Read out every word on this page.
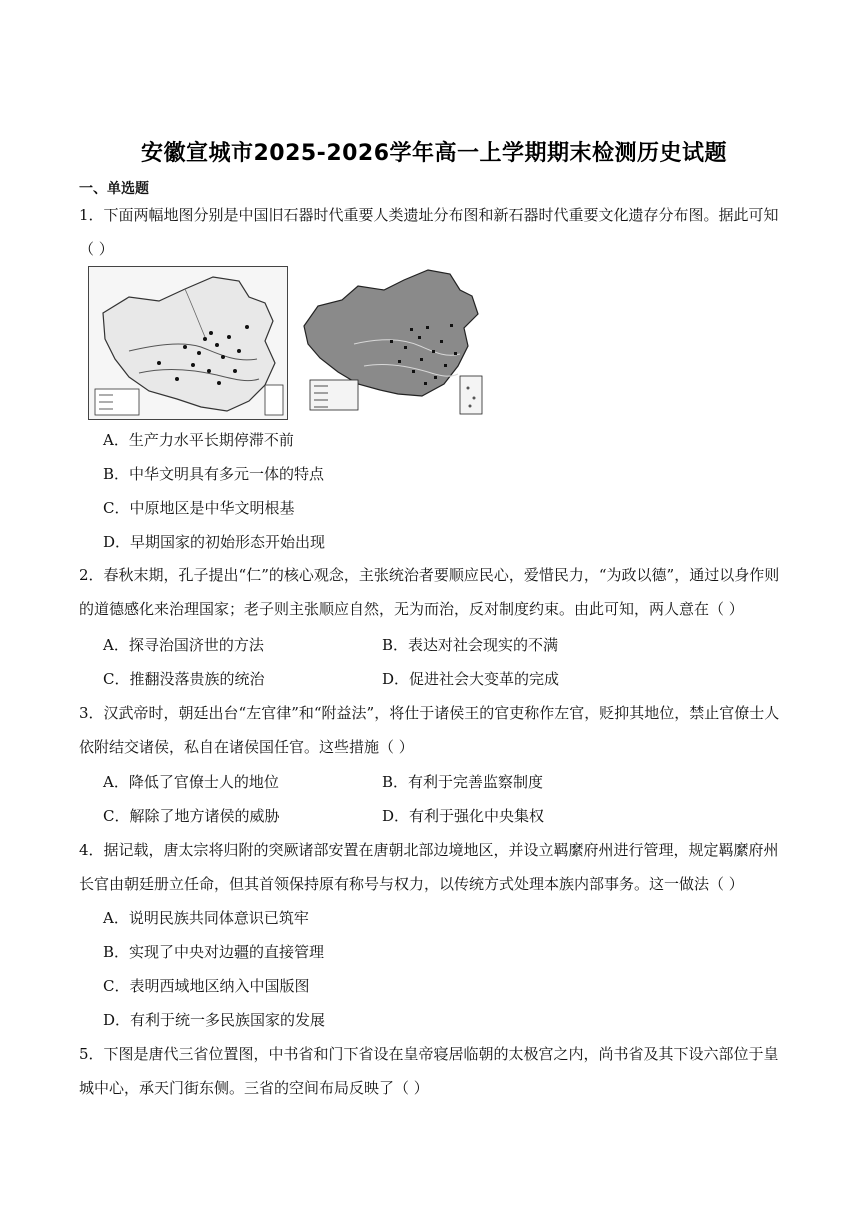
安徽宣城市2025-2026学年高一上学期期末检测历史试题
一、单选题

1．下面两幅地图分别是中国旧石器时代重要人类遗址分布图和新石器时代重要文化遗存分布图。据此可知

（ ）

A．生产力水平长期停滞不前
B．中华文明具有多元一体的特点
C．中原地区是中华文明根基
D．早期国家的初始形态开始出现

2．春秋末期，孔子提出“仁”的核心观念，主张统治者要顺应民心，爱惜民力，“为政以德”，通过以身作则

的道德感化来治理国家；老子则主张顺应自然，无为而治，反对制度约束。由此可知，两人意在（ ）

A．探寻治国济世的方法	B．表达对社会现实的不满
C．推翻没落贵族的统治	D．促进社会大变革的完成

3．汉武帝时，朝廷出台“左官律”和“附益法”，将仕于诸侯王的官吏称作左官，贬抑其地位，禁止官僚士人

依附结交诸侯，私自在诸侯国任官。这些措施（ ）

A．降低了官僚士人的地位	B．有利于完善监察制度
C．解除了地方诸侯的威胁	D．有利于强化中央集权

4．据记载，唐太宗将归附的突厥诸部安置在唐朝北部边境地区，并设立羁縻府州进行管理，规定羁縻府州

长官由朝廷册立任命，但其首领保持原有称号与权力，以传统方式处理本族内部事务。这一做法（ ）

A．说明民族共同体意识已筑牢
B．实现了中央对边疆的直接管理
C．表明西域地区纳入中国版图
D．有利于统一多民族国家的发展

5．下图是唐代三省位置图，中书省和门下省设在皇帝寝居临朝的太极宫之内，尚书省及其下设六部位于皇

城中心，承天门街东侧。三省的空间布局反映了（ ）
